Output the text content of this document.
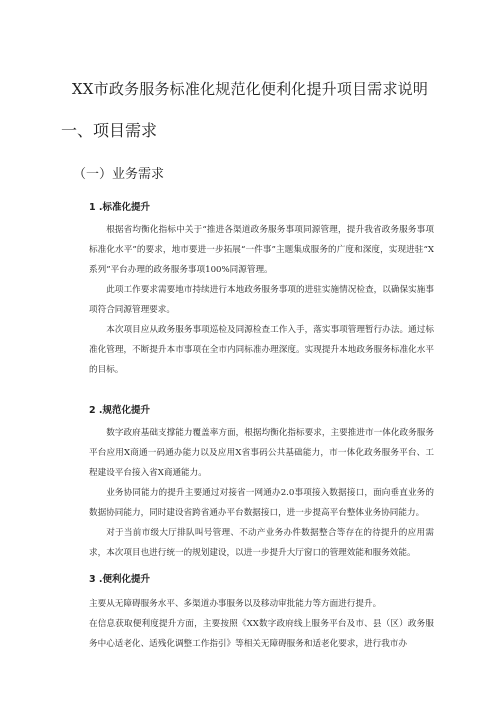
XX市政务服务标准化规范化便利化提升项目需求说明
一、项目需求
（一）业务需求
1 .标准化提升
根据省均衡化指标中关于“推进各渠道政务服务事项同源管理，提升我省政务服务事项标准化水平”的要求，地市要进一步拓展“一件事”主题集成服务的广度和深度，实现进驻“X系列”平台办理的政务服务事项100%同源管理。
此项工作要求需要地市持续进行本地政务服务事项的进驻实施情况检查，以确保实施事项符合同源管理要求。
本次项目应从政务服务事项巡检及同源检查工作入手，落实事项管理暂行办法。通过标准化管理，不断提升本市事项在全市内同标准办理深度。实现提升本地政务服务标准化水平的目标。
2 .规范化提升
数字政府基础支撑能力覆盖率方面，根据均衡化指标要求，主要推进市一体化政务服务平台应用X商通一码通办能力以及应用X省事码公共基础能力，市一体化政务服务平台、工程建设平台接入省X商通能力。
业务协同能力的提升主要通过对接省一网通办2.0事项接入数据接口，面向垂直业务的数据协同能力，同时建设省跨省通办平台数据接口，进一步提高平台整体业务协同能力。
对于当前市级大厅排队叫号管理、不动产业务办件数据整合等存在的待提升的应用需求，本次项目也进行统一的规划建设，以进一步提升大厅窗口的管理效能和服务效能。
3 .便利化提升
主要从无障碍服务水平、多渠道办事服务以及移动审批能力等方面进行提升。
在信息获取便利度提升方面，主要按照《XX数字政府线上服务平台及市、县（区）政务服务中心适老化、适残化调整工作指引》等相关无障碍服务和适老化要求，进行我市办
